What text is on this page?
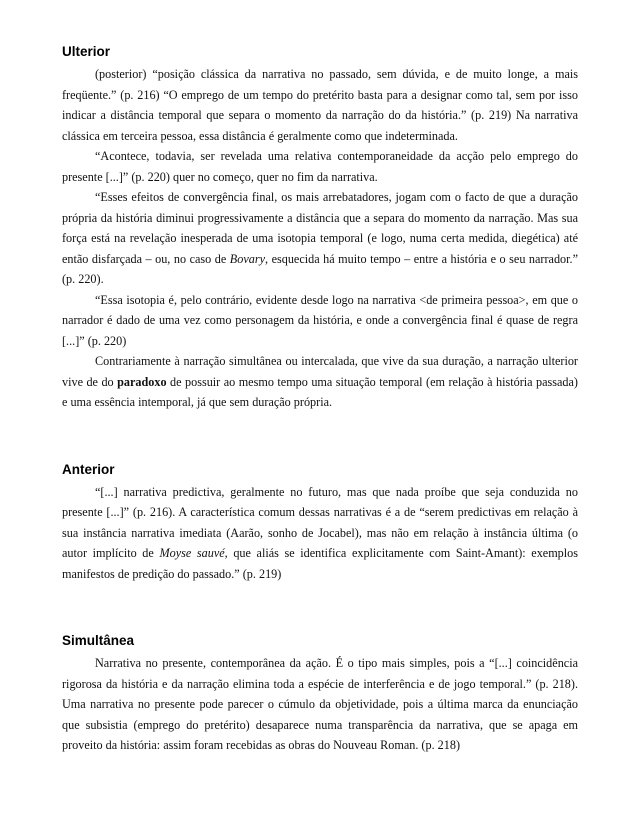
Ulterior

(posterior) “posição clássica da narrativa no passado, sem dúvida, e de muito longe, a mais freqüente.” (p. 216) “O emprego de um tempo do pretérito basta para a designar como tal, sem por isso indicar a distância temporal que separa o momento da narração do da história.” (p. 219) Na narrativa clássica em terceira pessoa, essa distância é geralmente como que indeterminada.

“Acontece, todavia, ser revelada uma relativa contemporaneidade da acção pelo emprego do presente [...]” (p. 220) quer no começo, quer no fim da narrativa.

“Esses efeitos de convergência final, os mais arrebatadores, jogam com o facto de que a duração própria da história diminui progressivamente a distância que a separa do momento da narração. Mas sua força está na revelação inesperada de uma isotopia temporal (e logo, numa certa medida, diegética) até então disfarçada – ou, no caso de Bovary, esquecida há muito tempo – entre a história e o seu narrador.” (p. 220).

“Essa isotopia é, pelo contrário, evidente desde logo na narrativa <de primeira pessoa>, em que o narrador é dado de uma vez como personagem da história, e onde a convergência final é quase de regra [...]” (p. 220)

Contrariamente à narração simultânea ou intercalada, que vive da sua duração, a narração ulterior vive de do paradoxo de possuir ao mesmo tempo uma situação temporal (em relação à história passada) e uma essência intemporal, já que sem duração própria.

Anterior

“[...] narrativa predictiva, geralmente no futuro, mas que nada proíbe que seja conduzida no presente [...]” (p. 216). A característica comum dessas narrativas é a de “serem predictivas em relação à sua instância narrativa imediata (Aarão, sonho de Jocabel), mas não em relação à instância última (o autor implícito de Moyse sauvé, que aliás se identifica explicitamente com Saint-Amant): exemplos manifestos de predição do passado.” (p. 219)

Simultânea

Narrativa no presente, contemporânea da ação. É o tipo mais simples, pois a “[...] coincidência rigorosa da história e da narração elimina toda a espécie de interferência e de jogo temporal.” (p. 218). Uma narrativa no presente pode parecer o cúmulo da objetividade, pois a última marca da enunciação que subsistia (emprego do pretérito) desaparece numa transparência da narrativa, que se apaga em proveito da história: assim foram recebidas as obras do Nouveau Roman. (p. 218)
